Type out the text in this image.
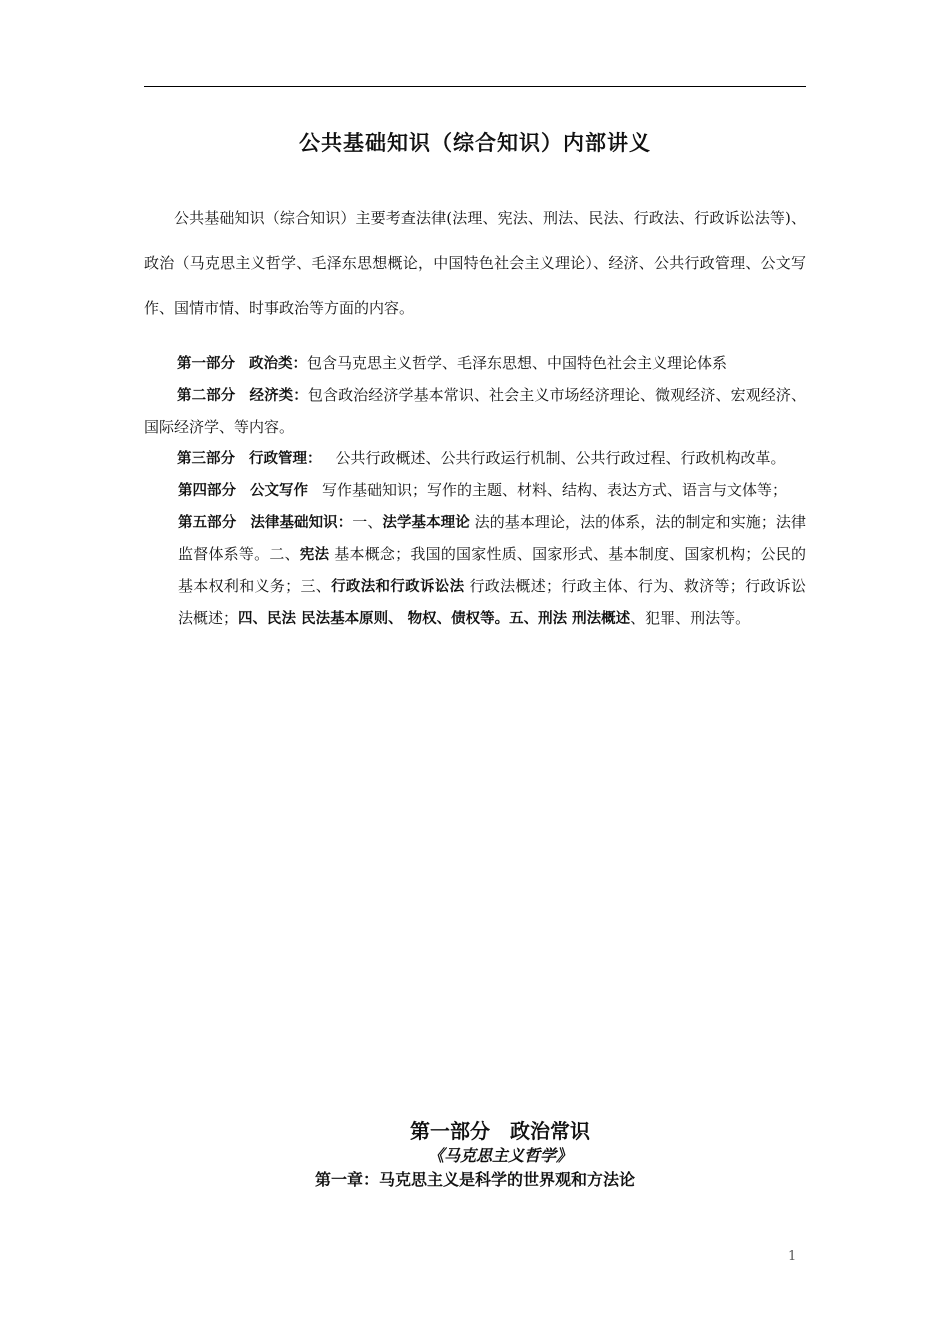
公共基础知识（综合知识）内部讲义

公共基础知识（综合知识）主要考查法律(法理、宪法、刑法、民法、行政法、行政诉讼法等)、政治（马克思主义哲学、毛泽东思想概论，中国特色社会主义理论）、经济、公共行政管理、公文写作、国情市情、时事政治等方面的内容。

第一部分 政治类：包含马克思主义哲学、毛泽东思想、中国特色社会主义理论体系

第二部分 经济类：包含政治经济学基本常识、社会主义市场经济理论、微观经济、宏观经济、国际经济学、等内容。

第三部分 行政管理： 公共行政概述、公共行政运行机制、公共行政过程、行政机构改革。

第四部分 公文写作 写作基础知识；写作的主题、材料、结构、表达方式、语言与文体等；

第五部分 法律基础知识：一、法学基本理论 法的基本理论，法的体系，法的制定和实施；法律监督体系等。二、宪法 基本概念；我国的国家性质、国家形式、基本制度、国家机构；公民的基本权利和义务；三、行政法和行政诉讼法 行政法概述；行政主体、行为、救济等；行政诉讼法概述；四、民法 民法基本原则、 物权、债权等。五、刑法 刑法概述、犯罪、刑法等。

第一部分　政治常识
《马克思主义哲学》
第一章：马克思主义是科学的世界观和方法论
1
